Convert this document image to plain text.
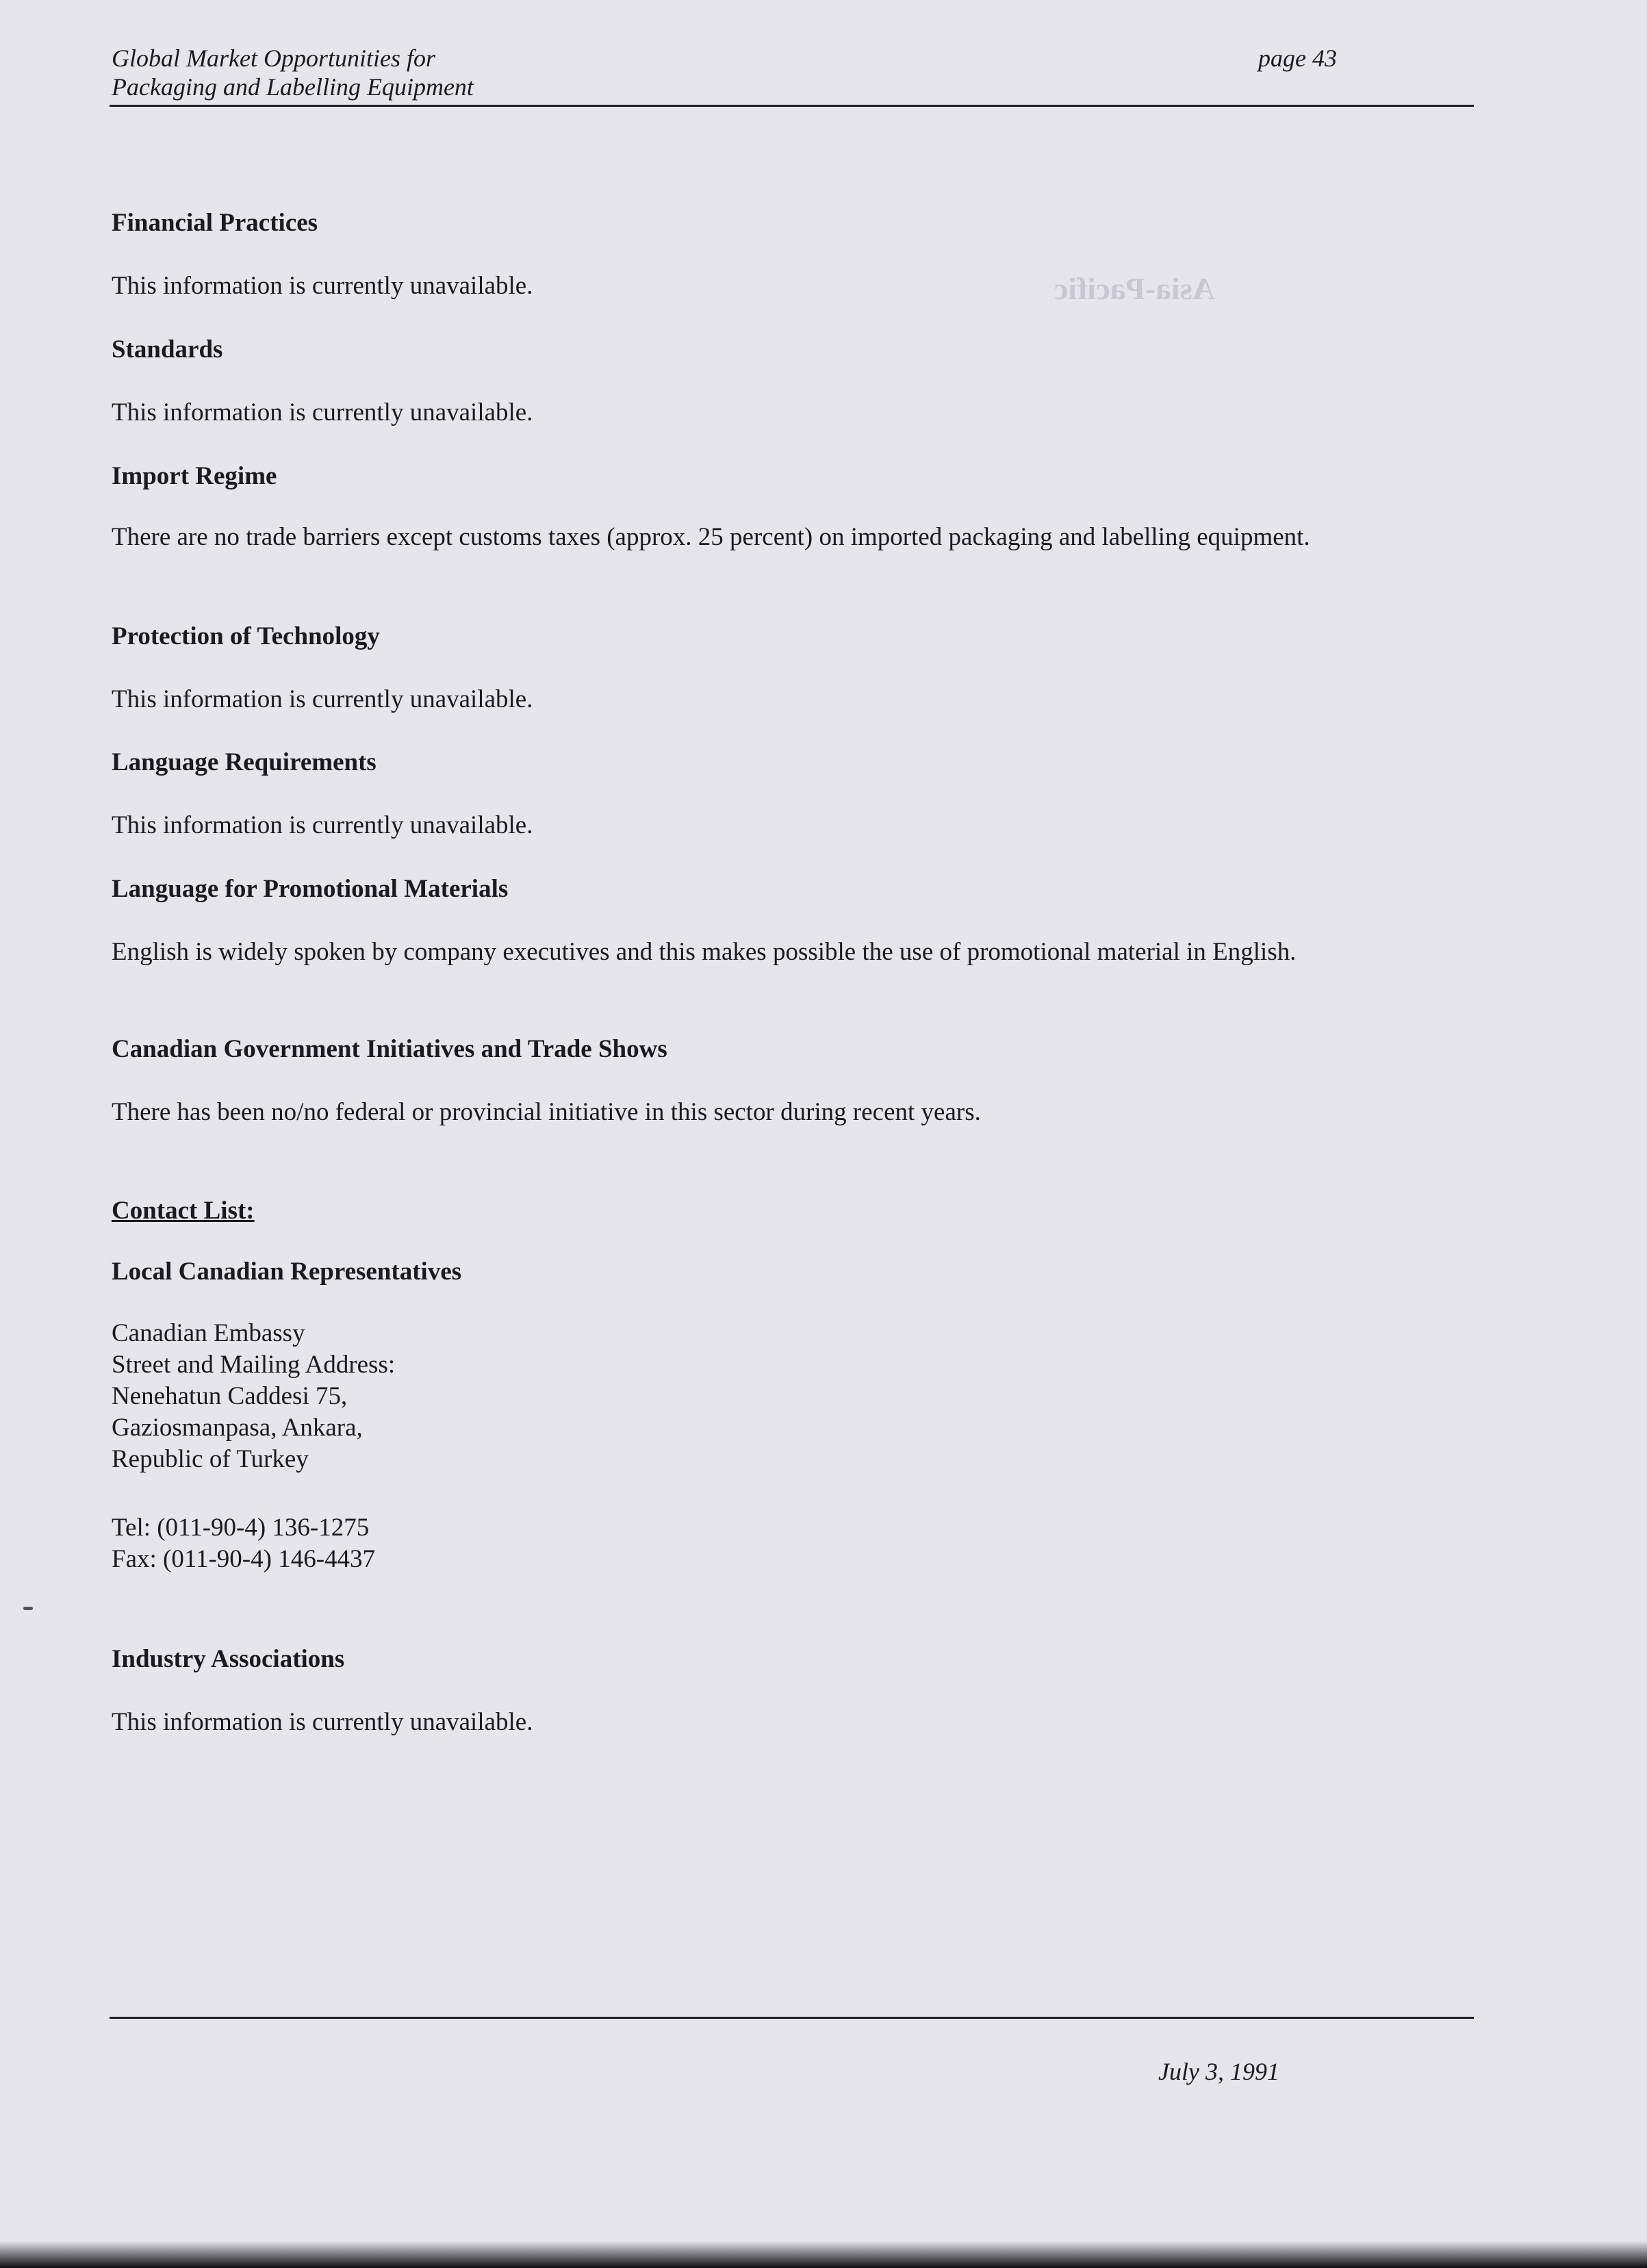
Asia-Pacific
Global Market Opportunities for
Packaging and Labelling Equipment
page 43
Financial Practices
This information is currently unavailable.
Standards
This information is currently unavailable.
Import Regime
There are no trade barriers except customs taxes (approx. 25 percent) on imported packaging and labelling equipment.
Protection of Technology
This information is currently unavailable.
Language Requirements
This information is currently unavailable.
Language for Promotional Materials
English is widely spoken by company executives and this makes possible the use of promotional material in English.
Canadian Government Initiatives and Trade Shows
There has been no/no federal or provincial initiative in this sector during recent years.
Contact List:
Local Canadian Representatives
Canadian Embassy
Street and Mailing Address:
Nenehatun Caddesi 75,
Gaziosmanpasa, Ankara,
Republic of Turkey
Tel: (011-90-4) 136-1275
Fax: (011-90-4) 146-4437
Industry Associations
This information is currently unavailable.
July 3, 1991
